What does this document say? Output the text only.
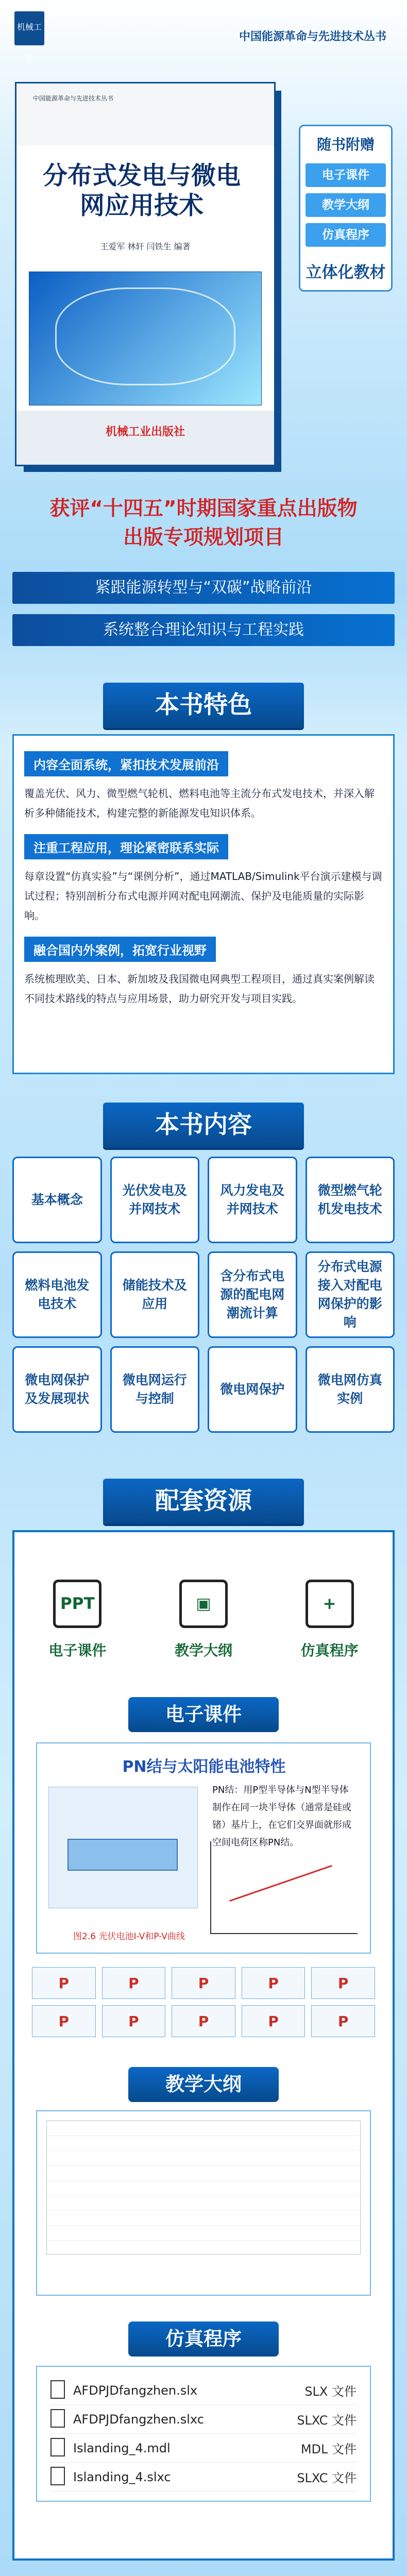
机械工业
中国能源革命与先进技术丛书
中国能源革命与先进技术丛书
分布式发电与微电网应用技术
王爱军 林轩 闫铁生 编著
机械工业出版社
随书附赠
电子课件
教学大纲
仿真程序
立体化教材
获评“十四五”时期国家重点出版物
出版专项规划项目
紧跟能源转型与“双碳”战略前沿
系统整合理论知识与工程实践
本书特色
内容全面系统，紧扣技术发展前沿
覆盖光伏、风力、微型燃气轮机、燃料电池等主流分布式发电技术，并深入解析多种储能技术，构建完整的新能源发电知识体系。
注重工程应用，理论紧密联系实际
每章设置“仿真实验”与“课例分析”，通过MATLAB/Simulink平台演示建模与调试过程；特别剖析分布式电源并网对配电网潮流、保护及电能质量的实际影响。
融合国内外案例，拓宽行业视野
系统梳理欧美、日本、新加坡及我国微电网典型工程项目，通过真实案例解读不同技术路线的特点与应用场景，助力研究开发与项目实践。
本书内容
基本概念
光伏发电及并网技术
风力发电及并网技术
微型燃气轮机发电技术
燃料电池发电技术
储能技术及应用
含分布式电源的配电网潮流计算
分布式电源接入对配电网保护的影响
微电网保护及发展现状
微电网运行与控制
微电网保护
微电网仿真实例
配套资源
PPT
电子课件
▣
教学大纲
+
仿真程序
电子课件
PN结与太阳能电池特性
PN结：用P型半导体与N型半导体制作在同一块半导体（通常是硅或锗）基片上，在它们交界面就形成空间电荷区称PN结。
图2.6 光伏电池I-V和P-V曲线
P	P	P	P	P
P	P	P	P	P
教学大纲
仿真程序
AFDPJDfangzhen.slx	SLX 文件
AFDPJDfangzhen.slxc	SLXC 文件
Islanding_4.mdl	MDL 文件
Islanding_4.slxc	SLXC 文件
